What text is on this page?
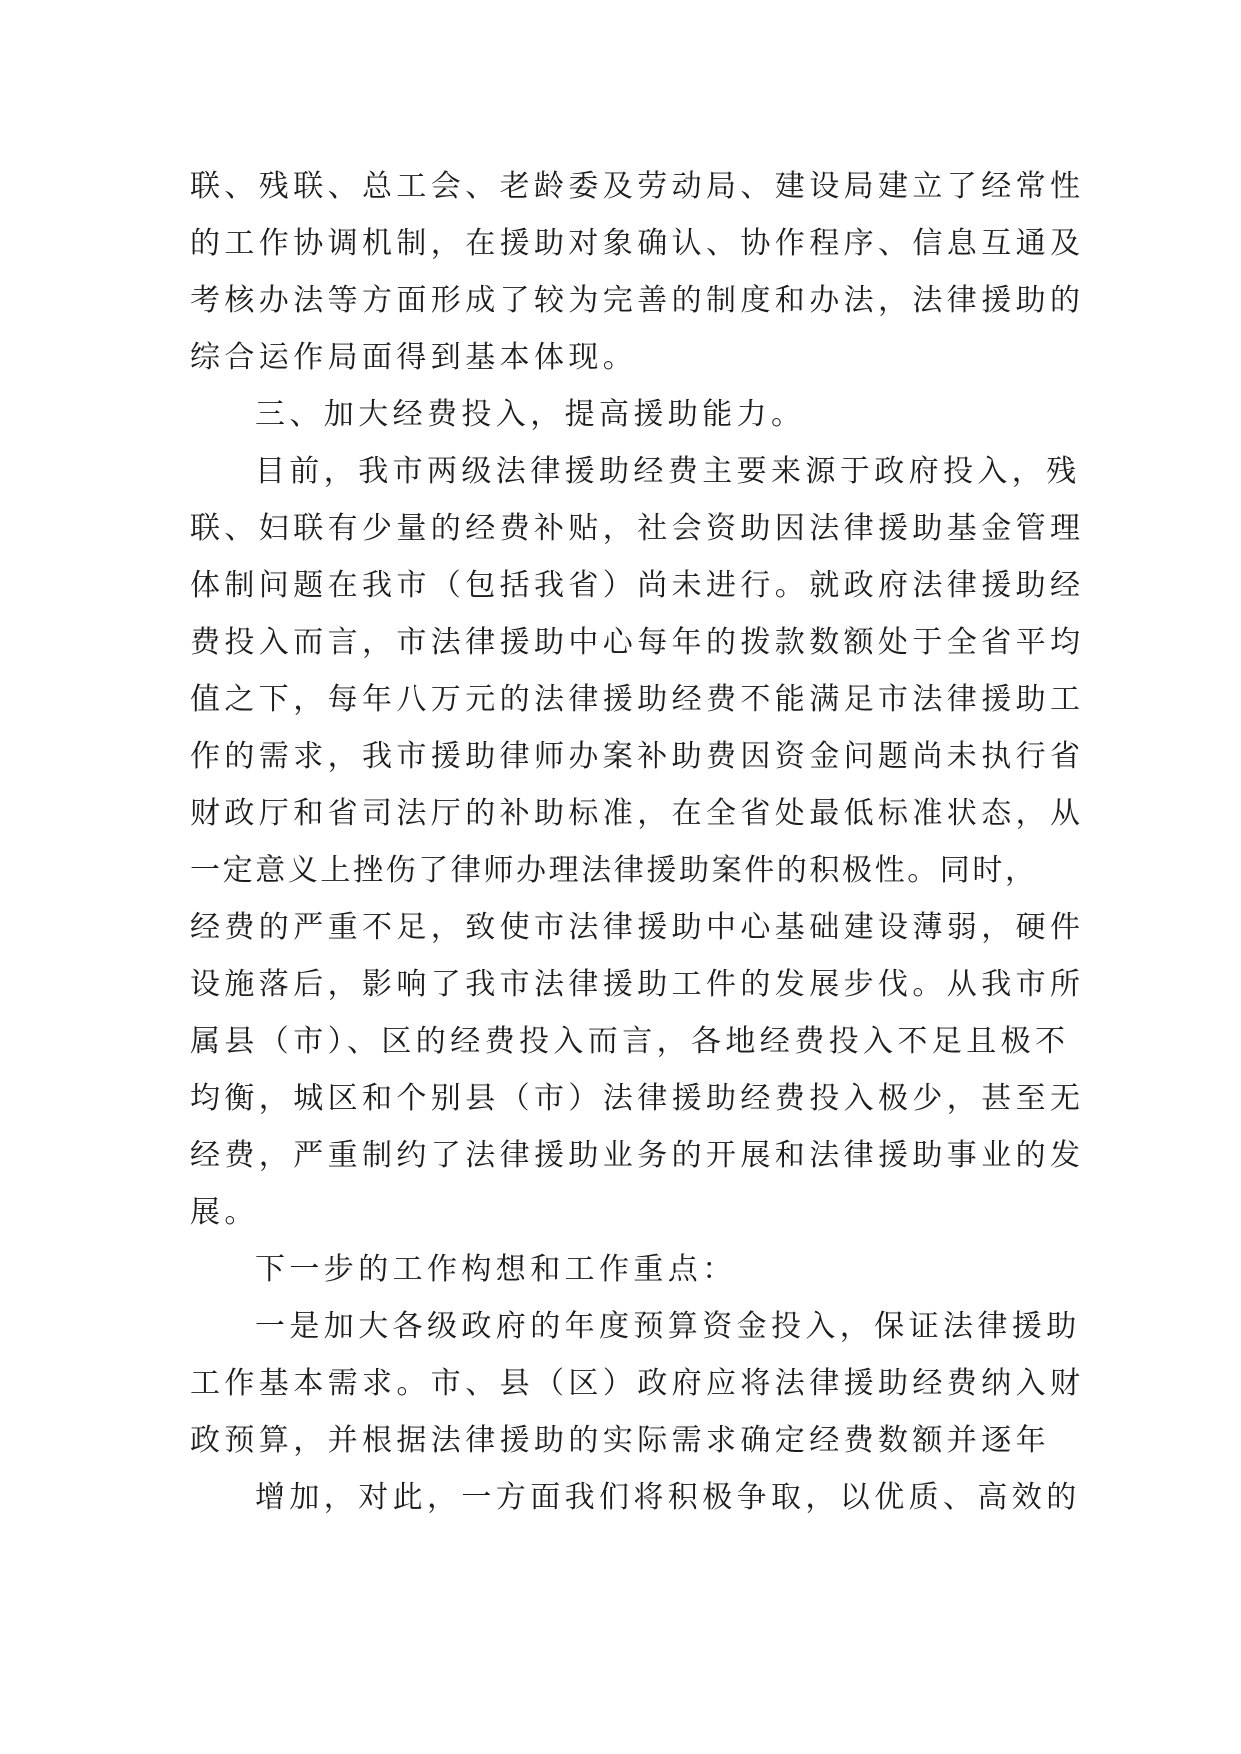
联、残联、总工会、老龄委及劳动局、建设局建立了经常性
的工作协调机制，在援助对象确认、协作程序、信息互通及
考核办法等方面形成了较为完善的制度和办法，法律援助的
综合运作局面得到基本体现。
三、加大经费投入，提高援助能力。
目前，我市两级法律援助经费主要来源于政府投入，残
联、妇联有少量的经费补贴，社会资助因法律援助基金管理
体制问题在我市（包括我省）尚未进行。就政府法律援助经
费投入而言，市法律援助中心每年的拨款数额处于全省平均
值之下，每年八万元的法律援助经费不能满足市法律援助工
作的需求，我市援助律师办案补助费因资金问题尚未执行省
财政厅和省司法厅的补助标准，在全省处最低标准状态，从
一定意义上挫伤了律师办理法律援助案件的积极性。同时，
经费的严重不足，致使市法律援助中心基础建设薄弱，硬件
设施落后，影响了我市法律援助工件的发展步伐。从我市所
属县（市）、区的经费投入而言，各地经费投入不足且极不
均衡，城区和个别县（市）法律援助经费投入极少，甚至无
经费，严重制约了法律援助业务的开展和法律援助事业的发
展。
下一步的工作构想和工作重点：
一是加大各级政府的年度预算资金投入，保证法律援助
工作基本需求。市、县（区）政府应将法律援助经费纳入财
政预算，并根据法律援助的实际需求确定经费数额并逐年
增加，对此，一方面我们将积极争取，以优质、高效的
